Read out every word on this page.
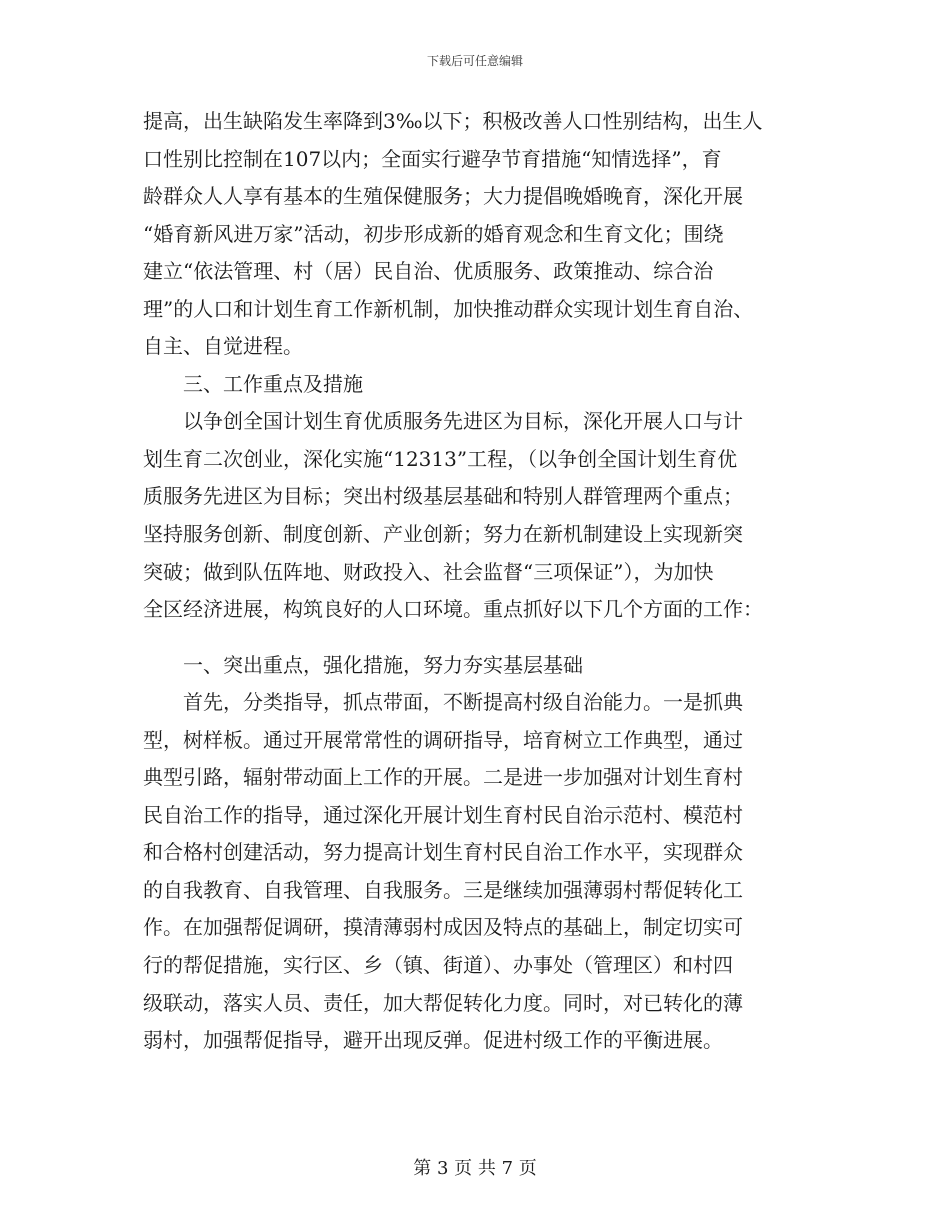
下载后可任意编辑
提高，出生缺陷发生率降到3‰以下；积极改善人口性别结构，出生人
口性别比控制在107以内；全面实行避孕节育措施“知情选择”，育
龄群众人人享有基本的生殖保健服务；大力提倡晚婚晚育，深化开展
“婚育新风进万家”活动，初步形成新的婚育观念和生育文化；围绕
建立“依法管理、村（居）民自治、优质服务、政策推动、综合治
理”的人口和计划生育工作新机制，加快推动群众实现计划生育自治、
自主、自觉进程。
　　三、工作重点及措施
　　以争创全国计划生育优质服务先进区为目标，深化开展人口与计
划生育二次创业，深化实施“12313”工程，（以争创全国计划生育优
质服务先进区为目标；突出村级基层基础和特别人群管理两个重点；
坚持服务创新、制度创新、产业创新；努力在新机制建设上实现新突
突破；做到队伍阵地、财政投入、社会监督“三项保证”），为加快
全区经济进展，构筑良好的人口环境。重点抓好以下几个方面的工作：
　　一、突出重点，强化措施，努力夯实基层基础
　　首先，分类指导，抓点带面，不断提高村级自治能力。一是抓典
型，树样板。通过开展常常性的调研指导，培育树立工作典型，通过
典型引路，辐射带动面上工作的开展。二是进一步加强对计划生育村
民自治工作的指导，通过深化开展计划生育村民自治示范村、模范村
和合格村创建活动，努力提高计划生育村民自治工作水平，实现群众
的自我教育、自我管理、自我服务。三是继续加强薄弱村帮促转化工
作。在加强帮促调研，摸清薄弱村成因及特点的基础上，制定切实可
行的帮促措施，实行区、乡（镇、街道）、办事处（管理区）和村四
级联动，落实人员、责任，加大帮促转化力度。同时，对已转化的薄
弱村，加强帮促指导，避开出现反弹。促进村级工作的平衡进展。
第 3 页 共 7 页
